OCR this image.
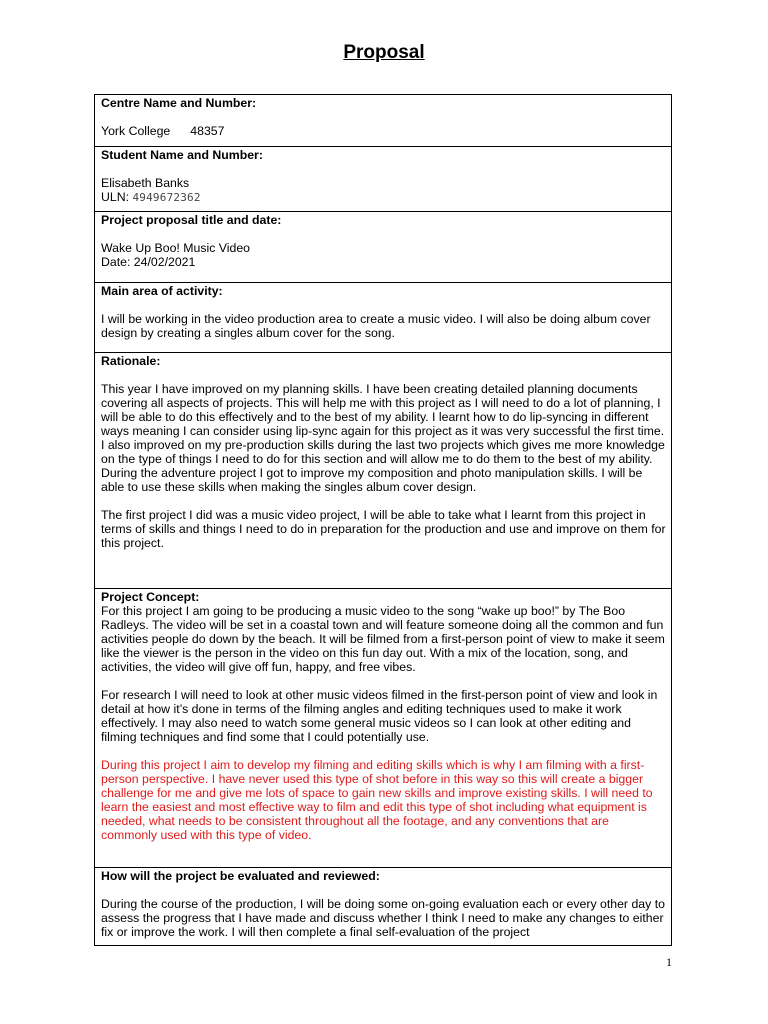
Proposal
Centre Name and Number:
York College 48357

Student Name and Number:
Elisabeth Banks
ULN: 4949672362

Project proposal title and date:
Wake Up Boo! Music Video
Date: 24/02/2021

Main area of activity:
I will be working in the video production area to create a music video. I will also be doing album cover design by creating a singles album cover for the song.

Rationale:
This year I have improved on my planning skills. I have been creating detailed planning documents covering all aspects of projects. This will help me with this project as I will need to do a lot of planning, I will be able to do this effectively and to the best of my ability. I learnt how to do lip-syncing in different ways meaning I can consider using lip-sync again for this project as it was very successful the first time. I also improved on my pre-production skills during the last two projects which gives me more knowledge on the type of things I need to do for this section and will allow me to do them to the best of my ability. During the adventure project I got to improve my composition and photo manipulation skills. I will be able to use these skills when making the singles album cover design.
The first project I did was a music video project, I will be able to take what I learnt from this project in terms of skills and things I need to do in preparation for the production and use and improve on them for this project.

Project Concept:
For this project I am going to be producing a music video to the song “wake up boo!” by The Boo Radleys. The video will be set in a coastal town and will feature someone doing all the common and fun activities people do down by the beach. It will be filmed from a first-person point of view to make it seem like the viewer is the person in the video on this fun day out. With a mix of the location, song, and activities, the video will give off fun, happy, and free vibes.
For research I will need to look at other music videos filmed in the first-person point of view and look in detail at how it’s done in terms of the filming angles and editing techniques used to make it work effectively. I may also need to watch some general music videos so I can look at other editing and filming techniques and find some that I could potentially use.
During this project I aim to develop my filming and editing skills which is why I am filming with a first-person perspective. I have never used this type of shot before in this way so this will create a bigger challenge for me and give me lots of space to gain new skills and improve existing skills. I will need to learn the easiest and most effective way to film and edit this type of shot including what equipment is needed, what needs to be consistent throughout all the footage, and any conventions that are commonly used with this type of video.

How will the project be evaluated and reviewed:
During the course of the production, I will be doing some on-going evaluation each or every other day to assess the progress that I have made and discuss whether I think I need to make any changes to either fix or improve the work. I will then complete a final self-evaluation of the project
1
